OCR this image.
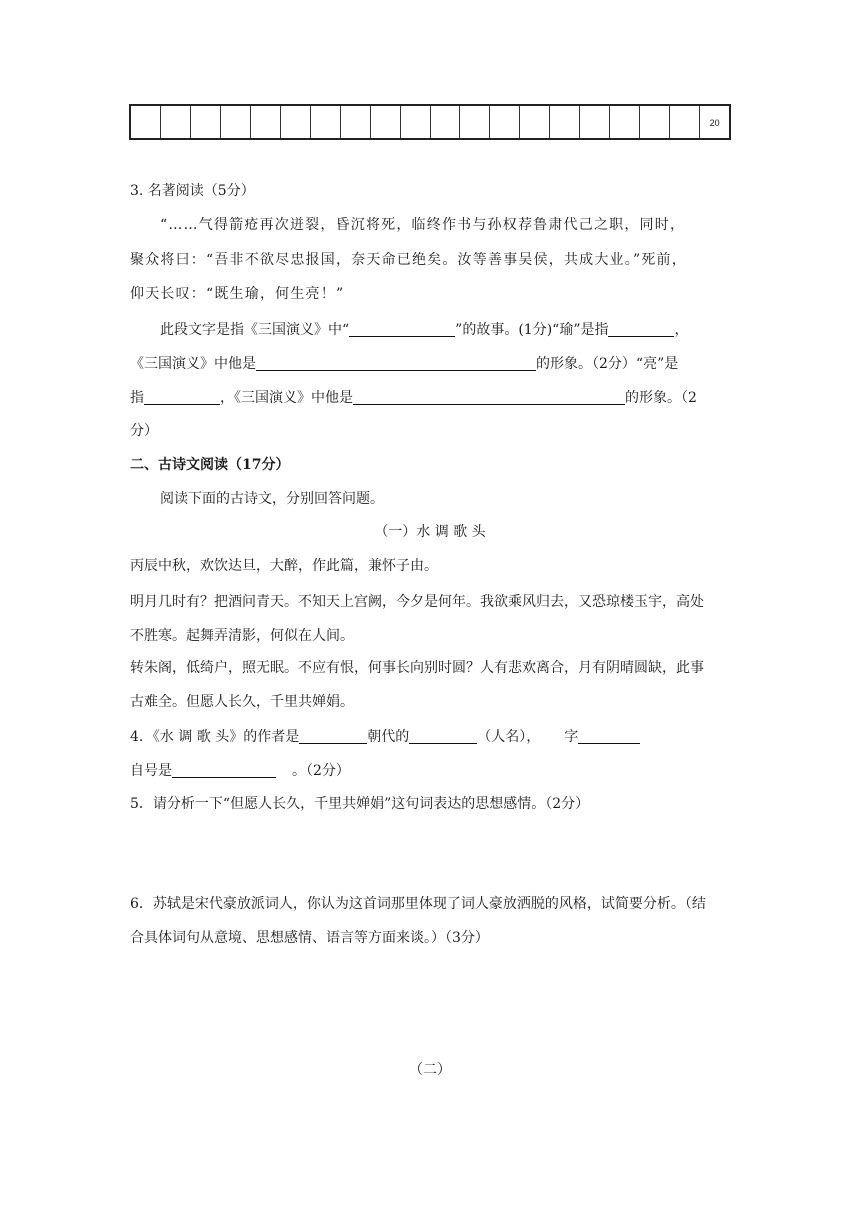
20
3. 名著阅读（5分）
“……气得箭疮再次迸裂，昏沉将死，临终作书与孙权荐鲁肃代己之职，同时，
聚众将曰：“吾非不欲尽忠报国，奈天命已绝矣。汝等善事吴侯，共成大业。”死前，
仰天长叹：“既生瑜，何生亮！”
此段文字是指《三国演义》中“	”的故事。(1分)“瑜”是指	，
《三国演义》中他是	的形象。（2分）“亮”是
指	，《三国演义》中他是	的形象。（2
分）
二、古诗文阅读（17分）
阅读下面的古诗文，分别回答问题。
（一）水 调 歌 头
丙辰中秋，欢饮达旦，大醉，作此篇，兼怀子由。
明月几时有？把酒问青天。不知天上宫阙，今夕是何年。我欲乘风归去，又恐琼楼玉宇，高处
不胜寒。起舞弄清影，何似在人间。
转朱阁，低绮户，照无眠。不应有恨，何事长向别时圆？人有悲欢离合，月有阴晴圆缺，此事
古难全。但愿人长久，千里共婵娟。
4．《水 调 歌 头》的作者是	朝代的	（人名）， 字
自号是	。（2分）
5．请分析一下“但愿人长久，千里共婵娟”这句词表达的思想感情。（2分）
6．苏轼是宋代豪放派词人，你认为这首词那里体现了词人豪放洒脱的风格，试简要分析。（结
合具体词句从意境、思想感情、语言等方面来谈。）（3分）
（二）
